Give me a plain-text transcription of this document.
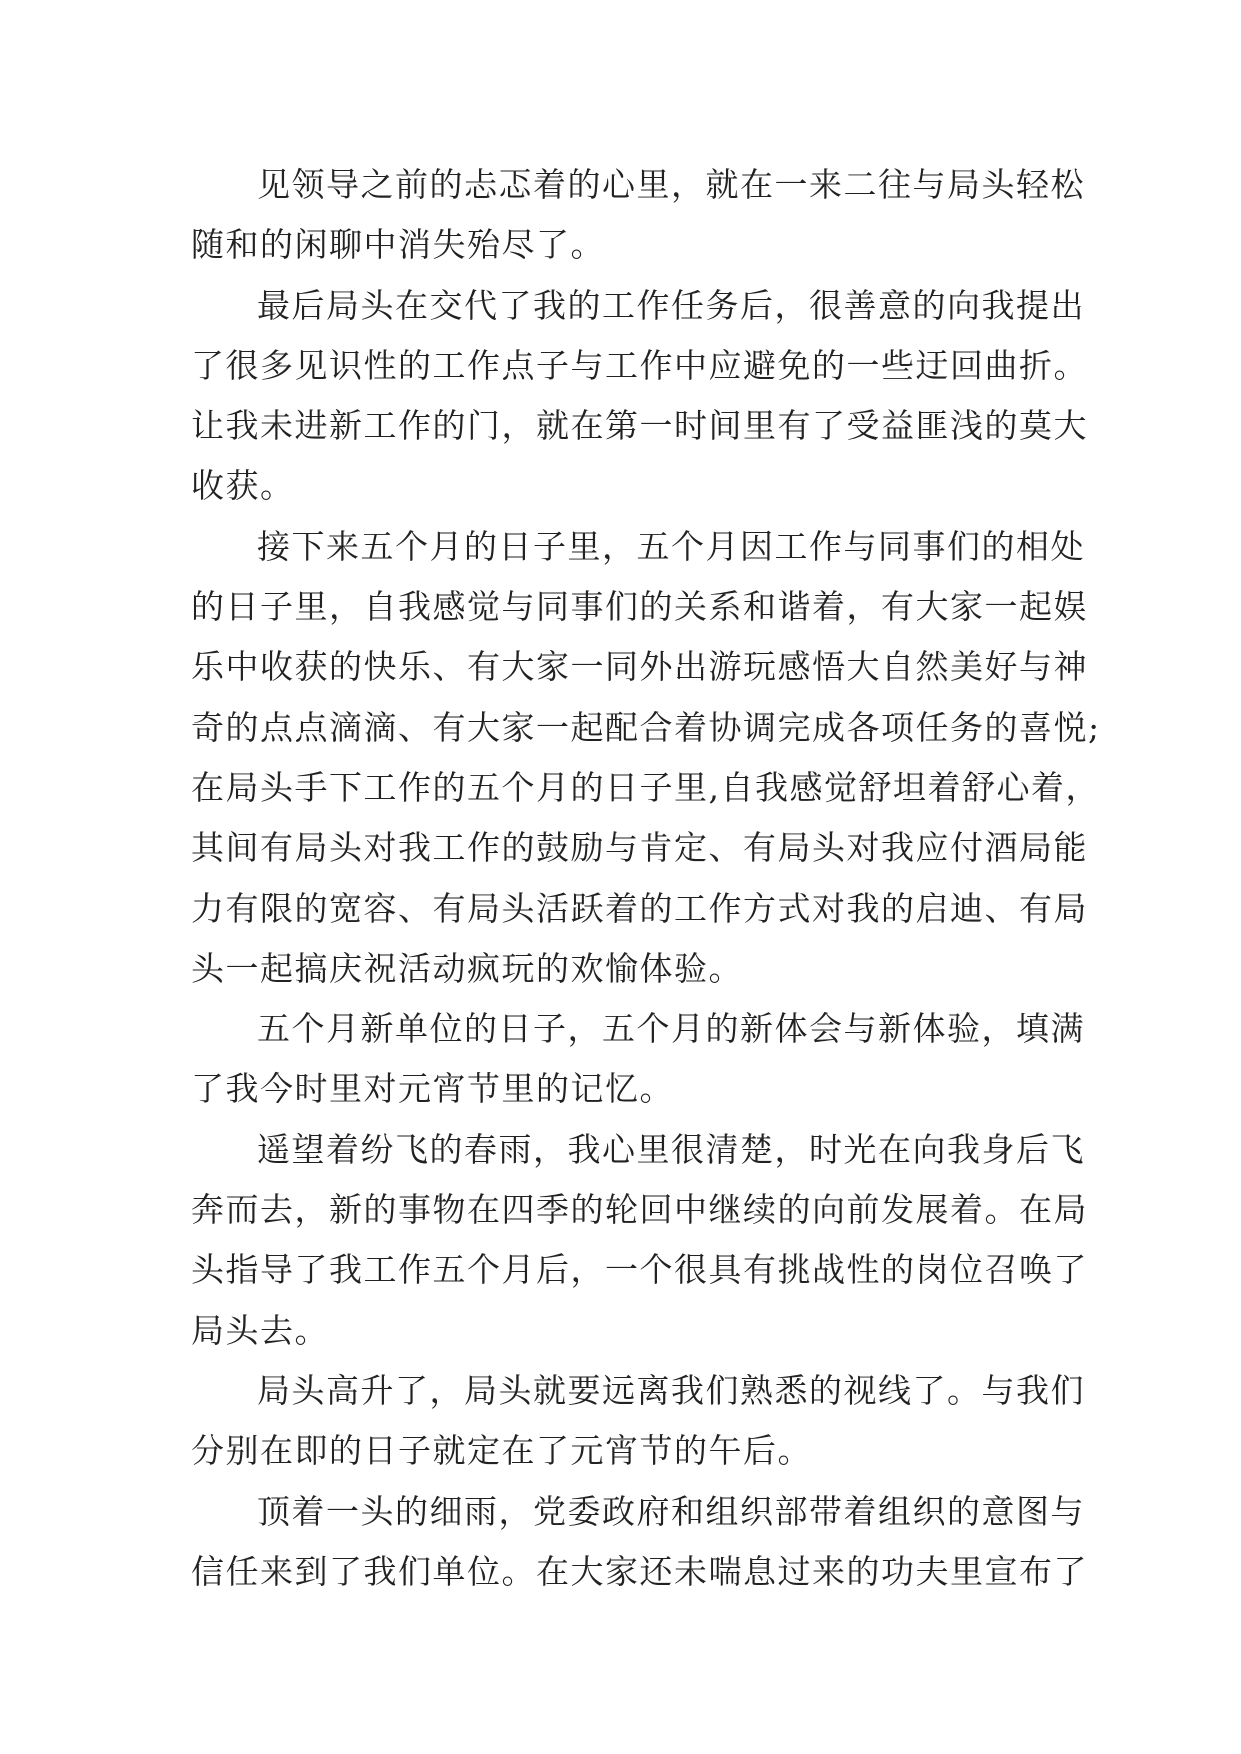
见领导之前的忐忑着的心里，就在一来二往与局头轻松
随和的闲聊中消失殆尽了。

最后局头在交代了我的工作任务后，很善意的向我提出
了很多见识性的工作点子与工作中应避免的一些迂回曲折。
让我未进新工作的门，就在第一时间里有了受益匪浅的莫大
收获。

接下来五个月的日子里，五个月因工作与同事们的相处
的日子里，自我感觉与同事们的关系和谐着，有大家一起娱
乐中收获的快乐、有大家一同外出游玩感悟大自然美好与神
奇的点点滴滴、有大家一起配合着协调完成各项任务的喜悦;
在局头手下工作的五个月的日子里,自我感觉舒坦着舒心着，
其间有局头对我工作的鼓励与肯定、有局头对我应付酒局能
力有限的宽容、有局头活跃着的工作方式对我的启迪、有局
头一起搞庆祝活动疯玩的欢愉体验。

五个月新单位的日子，五个月的新体会与新体验，填满
了我今时里对元宵节里的记忆。

遥望着纷飞的春雨，我心里很清楚，时光在向我身后飞
奔而去，新的事物在四季的轮回中继续的向前发展着。在局
头指导了我工作五个月后，一个很具有挑战性的岗位召唤了
局头去。

局头高升了，局头就要远离我们熟悉的视线了。与我们
分别在即的日子就定在了元宵节的午后。

顶着一头的细雨，党委政府和组织部带着组织的意图与
信任来到了我们单位。在大家还未喘息过来的功夫里宣布了
